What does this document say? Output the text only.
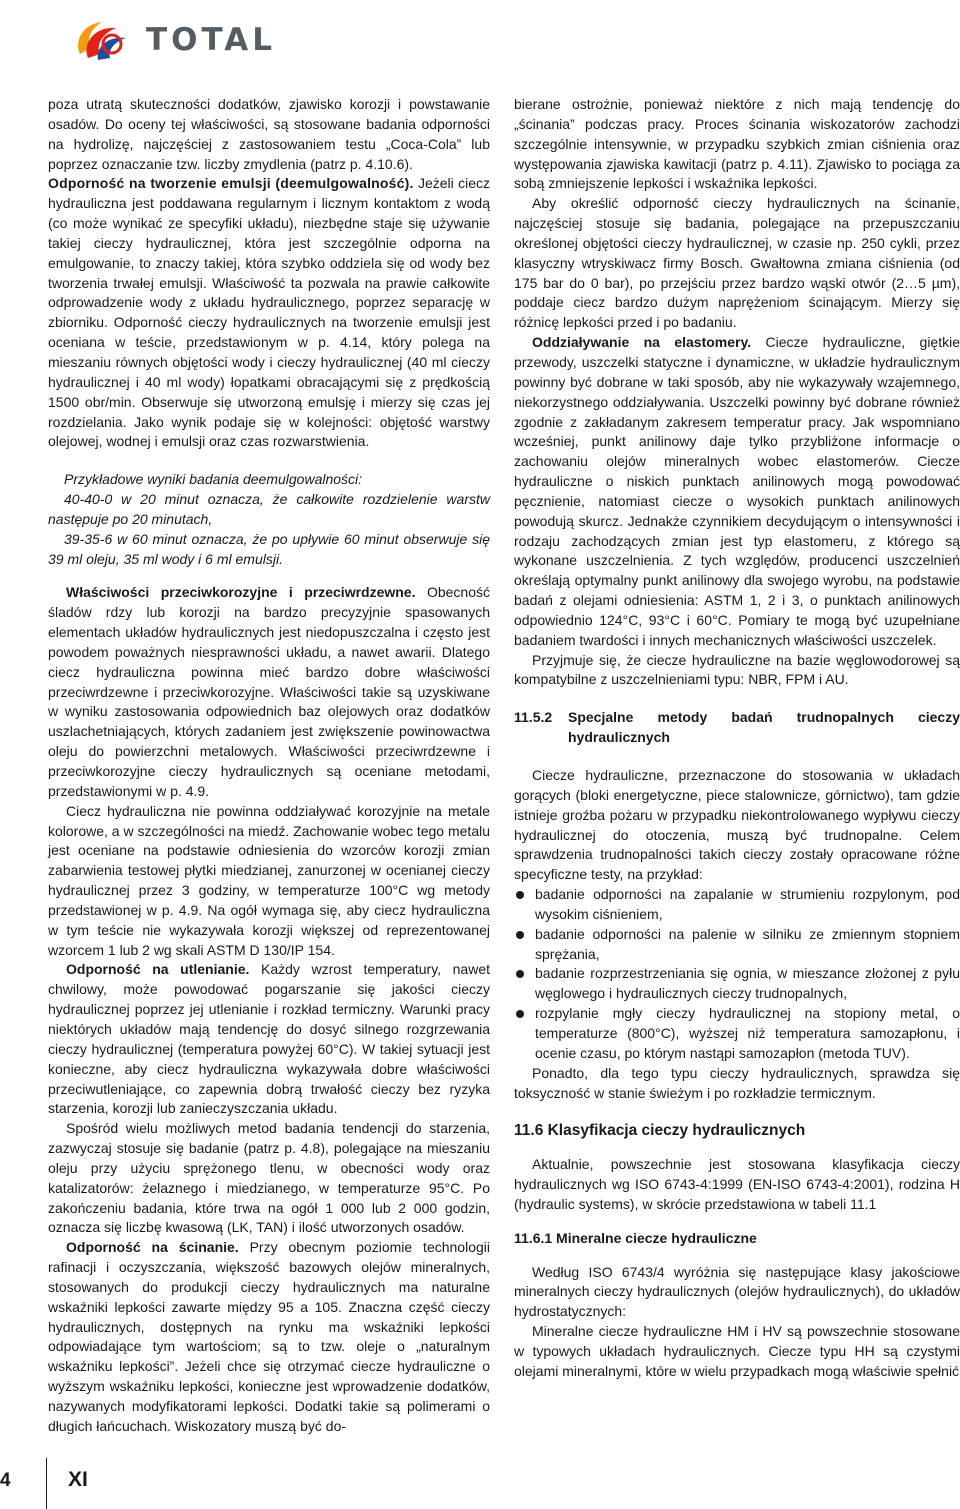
TOTAL

poza utratą skuteczności dodatków, zjawisko korozji i powstawanie osadów. Do oceny tej właściwości, są stosowane badania odporności na hydrolizę, najczęściej z zastosowaniem testu „Coca-Cola” lub poprzez oznaczanie tzw. liczby zmydlenia (patrz p. 4.10.6).

Odporność na tworzenie emulsji (deemulgowalność). Jeżeli ciecz hydrauliczna jest poddawana regularnym i licznym kontaktom z wodą (co może wynikać ze specyfiki układu), niezbędne staje się używanie takiej cieczy hydraulicznej, która jest szczególnie odporna na emulgowanie, to znaczy takiej, która szybko oddziela się od wody bez tworzenia trwałej emulsji. Właściwość ta pozwala na prawie całkowite odprowadzenie wody z układu hydraulicznego, poprzez separację w zbiorniku. Odporność cieczy hydraulicznych na tworzenie emulsji jest oceniana w teście, przedstawionym w p. 4.14, który polega na mieszaniu równych objętości wody i cieczy hydraulicznej (40 ml cieczy hydraulicznej i 40 ml wody) łopatkami obracającymi się z prędkością 1500 obr/min. Obserwuje się utworzoną emulsję i mierzy się czas jej rozdzielania. Jako wynik podaje się w kolejności: objętość warstwy olejowej, wodnej i emulsji oraz czas rozwarstwienia.

Przykładowe wyniki badania deemulgowalności:

40-40-0 w 20 minut oznacza, że całkowite rozdzielenie warstw następuje po 20 minutach,

39-35-6 w 60 minut oznacza, że po upływie 60 minut obserwuje się 39 ml oleju, 35 ml wody i 6 ml emulsji.

Właściwości przeciwkorozyjne i przeciwrdzewne. Obecność śladów rdzy lub korozji na bardzo precyzyjnie spasowanych elementach układów hydraulicznych jest niedopuszczalna i często jest powodem poważnych niesprawności układu, a nawet awarii. Dlatego ciecz hydrauliczna powinna mieć bardzo dobre właściwości przeciwrdzewne i przeciwkorozyjne. Właściwości takie są uzyskiwane w wyniku zastosowania odpowiednich baz olejowych oraz dodatków uszlachetniających, których zadaniem jest zwiększenie powinowactwa oleju do powierzchni metalowych. Właściwości przeciwrdzewne i przeciwkorozyjne cieczy hydraulicznych są oceniane metodami, przedstawionymi w p. 4.9.

Ciecz hydrauliczna nie powinna oddziaływać korozyjnie na metale kolorowe, a w szczególności na miedź. Zachowanie wobec tego metalu jest oceniane na podstawie odniesienia do wzorców korozji zmian zabarwienia testowej płytki miedzianej, zanurzonej w ocenianej cieczy hydraulicznej przez 3 godziny, w temperaturze 100°C wg metody przedstawionej w p. 4.9. Na ogół wymaga się, aby ciecz hydrauliczna w tym teście nie wykazywała korozji większej od reprezentowanej wzorcem 1 lub 2 wg skali ASTM D 130/IP 154.

Odporność na utlenianie. Każdy wzrost temperatury, nawet chwilowy, może powodować pogarszanie się jakości cieczy hydraulicznej poprzez jej utlenianie i rozkład termiczny. Warunki pracy niektórych układów mają tendencję do dosyć silnego rozgrzewania cieczy hydraulicznej (temperatura powyżej 60°C). W takiej sytuacji jest konieczne, aby ciecz hydrauliczna wykazywała dobre właściwości przeciwutleniające, co zapewnia dobrą trwałość cieczy bez ryzyka starzenia, korozji lub zanieczyszczania układu.

Spośród wielu możliwych metod badania tendencji do starzenia, zazwyczaj stosuje się badanie (patrz p. 4.8), polegające na mieszaniu oleju przy użyciu sprężonego tlenu, w obecności wody oraz katalizatorów: żelaznego i miedzianego, w temperaturze 95°C. Po zakończeniu badania, które trwa na ogół 1 000 lub 2 000 godzin, oznacza się liczbę kwasową (LK, TAN) i ilość utworzonych osadów.

Odporność na ścinanie. Przy obecnym poziomie technologii rafinacji i oczyszczania, większość bazowych olejów mineralnych, stosowanych do produkcji cieczy hydraulicznych ma naturalne wskaźniki lepkości zawarte między 95 a 105. Znaczna część cieczy hydraulicznych, dostępnych na rynku ma wskaźniki lepkości odpowiadające tym wartościom; są to tzw. oleje o „naturalnym wskaźniku lepkości”. Jeżeli chce się otrzymać ciecze hydrauliczne o wyższym wskaźniku lepkości, konieczne jest wprowadzenie dodatków, nazywanych modyfikatorami lepkości. Dodatki takie są polimerami o długich łańcuchach. Wiskozatory muszą być do-

bierane ostrożnie, ponieważ niektóre z nich mają tendencję do „ścinania” podczas pracy. Proces ścinania wiskozatorów zachodzi szczególnie intensywnie, w przypadku szybkich zmian ciśnienia oraz występowania zjawiska kawitacji (patrz p. 4.11). Zjawisko to pociąga za sobą zmniejszenie lepkości i wskaźnika lepkości.

Aby określić odporność cieczy hydraulicznych na ścinanie, najczęściej stosuje się badania, polegające na przepuszczaniu określonej objętości cieczy hydraulicznej, w czasie np. 250 cykli, przez klasyczny wtryskiwacz firmy Bosch. Gwałtowna zmiana ciśnienia (od 175 bar do 0 bar), po przejściu przez bardzo wąski otwór (2…5 µm), poddaje ciecz bardzo dużym naprężeniom ścinającym. Mierzy się różnicę lepkości przed i po badaniu.

Oddziaływanie na elastomery. Ciecze hydrauliczne, giętkie przewody, uszczelki statyczne i dynamiczne, w układzie hydraulicznym powinny być dobrane w taki sposób, aby nie wykazywały wzajemnego, niekorzystnego oddziaływania. Uszczelki powinny być dobrane również zgodnie z zakładanym zakresem temperatur pracy. Jak wspomniano wcześniej, punkt anilinowy daje tylko przybliżone informacje o zachowaniu olejów mineralnych wobec elastomerów. Ciecze hydrauliczne o niskich punktach anilinowych mogą powodować pęcznienie, natomiast ciecze o wysokich punktach anilinowych powodują skurcz. Jednakże czynnikiem decydującym o intensywności i rodzaju zachodzących zmian jest typ elastomeru, z którego są wykonane uszczelnienia. Z tych względów, producenci uszczelnień określają optymalny punkt anilinowy dla swojego wyrobu, na podstawie badań z olejami odniesienia: ASTM 1, 2 i 3, o punktach anilinowych odpowiednio 124°C, 93°C i 60°C. Pomiary te mogą być uzupełniane badaniem twardości i innych mechanicznych właściwości uszczelek.

Przyjmuje się, że ciecze hydrauliczne na bazie węglowodorowej są kompatybilne z uszczelnieniami typu: NBR, FPM i AU.

11.5.2	Specjalne metody badań trudnopalnych cieczy hydraulicznych

Ciecze hydrauliczne, przeznaczone do stosowania w układach gorących (bloki energetyczne, piece stalownicze, górnictwo), tam gdzie istnieje groźba pożaru w przypadku niekontrolowanego wypływu cieczy hydraulicznej do otoczenia, muszą być trudnopalne. Celem sprawdzenia trudnopalności takich cieczy zostały opracowane różne specyficzne testy, na przykład:

badanie odporności na zapalanie w strumieniu rozpylonym, pod wysokim ciśnieniem,
badanie odporności na palenie w silniku ze zmiennym stopniem sprężania,
badanie rozprzestrzeniania się ognia, w mieszance złożonej z pyłu węglowego i hydraulicznych cieczy trudnopalnych,
rozpylanie mgły cieczy hydraulicznej na stopiony metal, o temperaturze (800°C), wyższej niż temperatura samozapłonu, i ocenie czasu, po którym nastąpi samozapłon (metoda TUV).

Ponadto, dla tego typu cieczy hydraulicznych, sprawdza się toksyczność w stanie świeżym i po rozkładzie termicznym.

11.6 Klasyfikacja cieczy hydraulicznych

Aktualnie, powszechnie jest stosowana klasyfikacja cieczy hydraulicznych wg ISO 6743-4:1999 (EN-ISO 6743-4:2001), rodzina H (hydraulic systems), w skrócie przedstawiona w tabeli 11.1

11.6.1 Mineralne ciecze hydrauliczne

Według ISO 6743/4 wyróżnia się następujące klasy jakościowe mineralnych cieczy hydraulicznych (olejów hydraulicznych), do układów hydrostatycznych:

Mineralne ciecze hydrauliczne HM i HV są powszechnie stosowane w typowych układach hydraulicznych. Ciecze typu HH są czystymi olejami mineralnymi, które w wielu przypadkach mogą właściwie spełnić

4	XI
